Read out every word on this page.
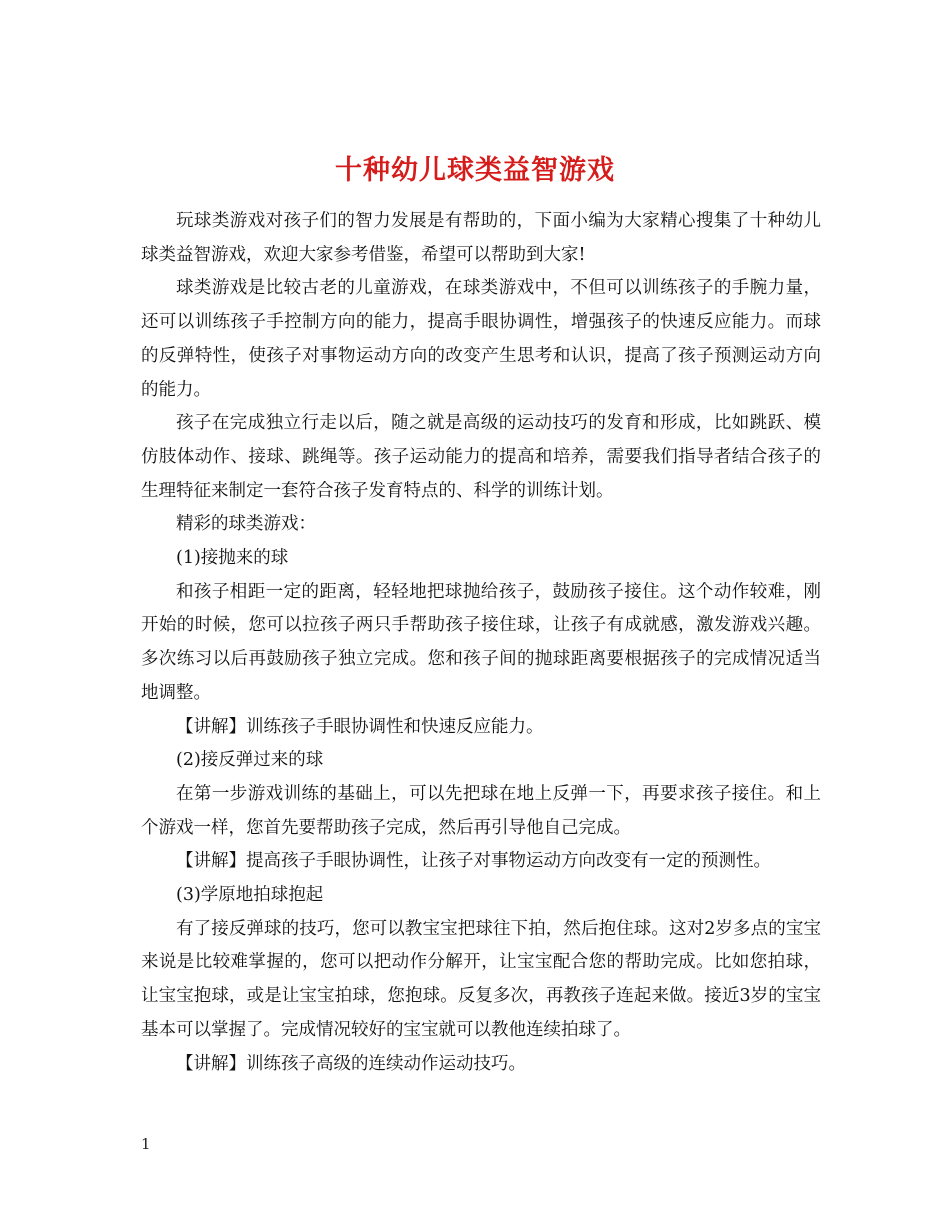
十种幼儿球类益智游戏

玩球类游戏对孩子们的智力发展是有帮助的，下面小编为大家精心搜集了十种幼儿球类益智游戏，欢迎大家参考借鉴，希望可以帮助到大家!

球类游戏是比较古老的儿童游戏，在球类游戏中，不但可以训练孩子的手腕力量，还可以训练孩子手控制方向的能力，提高手眼协调性，增强孩子的快速反应能力。而球的反弹特性，使孩子对事物运动方向的改变产生思考和认识，提高了孩子预测运动方向的能力。

孩子在完成独立行走以后，随之就是高级的运动技巧的发育和形成，比如跳跃、模仿肢体动作、接球、跳绳等。孩子运动能力的提高和培养，需要我们指导者结合孩子的生理特征来制定一套符合孩子发育特点的、科学的训练计划。

精彩的球类游戏：

(1)接抛来的球

和孩子相距一定的距离，轻轻地把球抛给孩子，鼓励孩子接住。这个动作较难，刚开始的时候，您可以拉孩子两只手帮助孩子接住球，让孩子有成就感，激发游戏兴趣。多次练习以后再鼓励孩子独立完成。您和孩子间的抛球距离要根据孩子的完成情况适当地调整。

【讲解】训练孩子手眼协调性和快速反应能力。

(2)接反弹过来的球

在第一步游戏训练的基础上，可以先把球在地上反弹一下，再要求孩子接住。和上个游戏一样，您首先要帮助孩子完成，然后再引导他自己完成。

【讲解】提高孩子手眼协调性，让孩子对事物运动方向改变有一定的预测性。

(3)学原地拍球抱起

有了接反弹球的技巧，您可以教宝宝把球往下拍，然后抱住球。这对2岁多点的宝宝来说是比较难掌握的，您可以把动作分解开，让宝宝配合您的帮助完成。比如您拍球，让宝宝抱球，或是让宝宝拍球，您抱球。反复多次，再教孩子连起来做。接近3岁的宝宝基本可以掌握了。完成情况较好的宝宝就可以教他连续拍球了。

【讲解】训练孩子高级的连续动作运动技巧。

1
